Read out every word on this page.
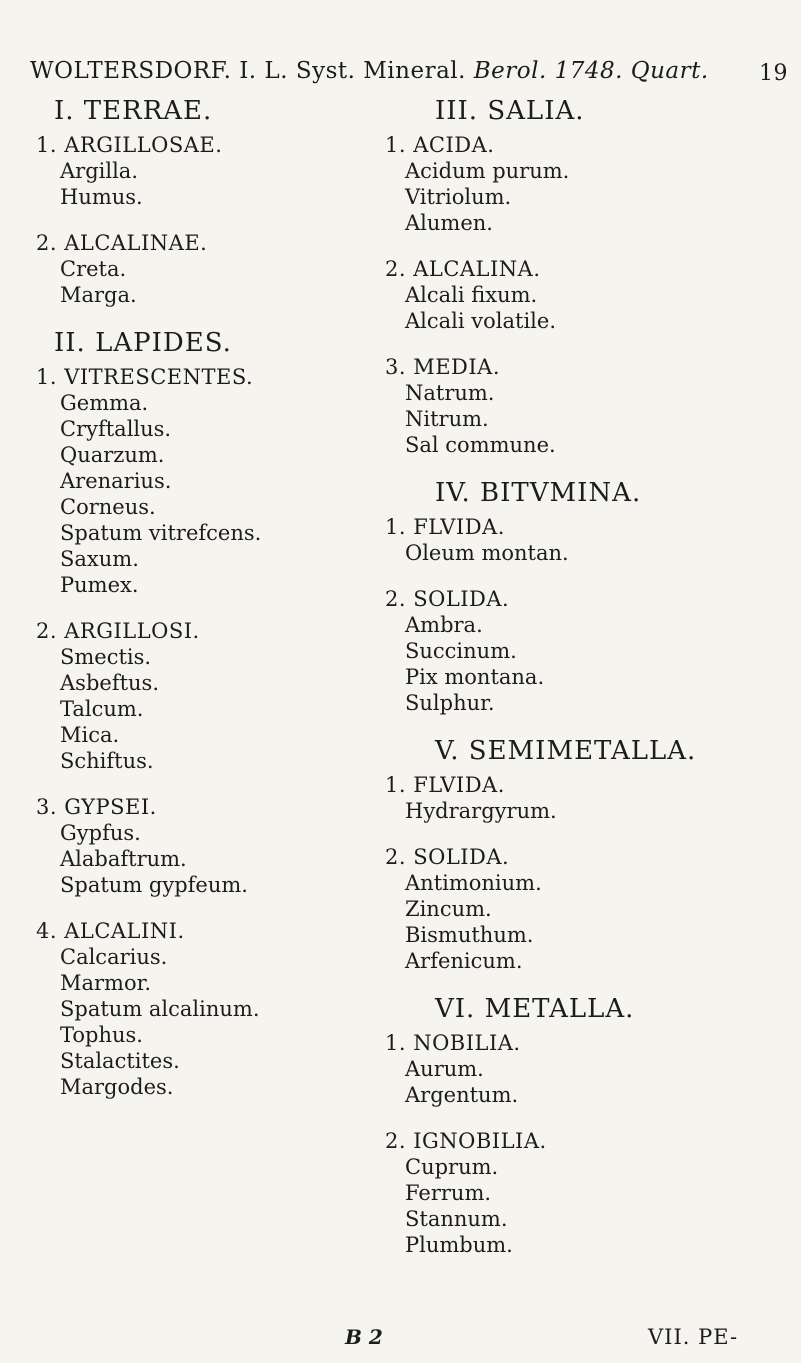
WOLTERSDORF. I. L. Syst. Mineral. Berol. 1748. Quart. 19
I. TERRAE.
1. ARGILLOSAE.
Argilla.
Humus.
2. ALCALINAE.
Creta.
Marga.
II. LAPIDES.
1. VITRESCENTES.
Gemma.
Cryftallus.
Quarzum.
Arenarius.
Corneus.
Spatum vitrefcens.
Saxum.
Pumex.
2. ARGILLOSI.
Smectis.
Asbeftus.
Talcum.
Mica.
Schiftus.
3. GYPSEI.
Gypfus.
Alabaftrum.
Spatum gypfeum.
4. ALCALINI.
Calcarius.
Marmor.
Spatum alcalinum.
Tophus.
Stalactites.
Margodes.
III. SALIA.
1. ACIDA.
Acidum purum.
Vitriolum.
Alumen.
2. ALCALINA.
Alcali fixum.
Alcali volatile.
3. MEDIA.
Natrum.
Nitrum.
Sal commune.
IV. BITVMINA.
1. FLVIDA.
Oleum montan.
2. SOLIDA.
Ambra.
Succinum.
Pix montana.
Sulphur.
V. SEMIMETALLA.
1. FLVIDA.
Hydrargyrum.
2. SOLIDA.
Antimonium.
Zincum.
Bismuthum.
Arfenicum.
VI. METALLA.
1. NOBILIA.
Aurum.
Argentum.
2. IGNOBILIA.
Cuprum.
Ferrum.
Stannum.
Plumbum.
B 2	VII. PE-
